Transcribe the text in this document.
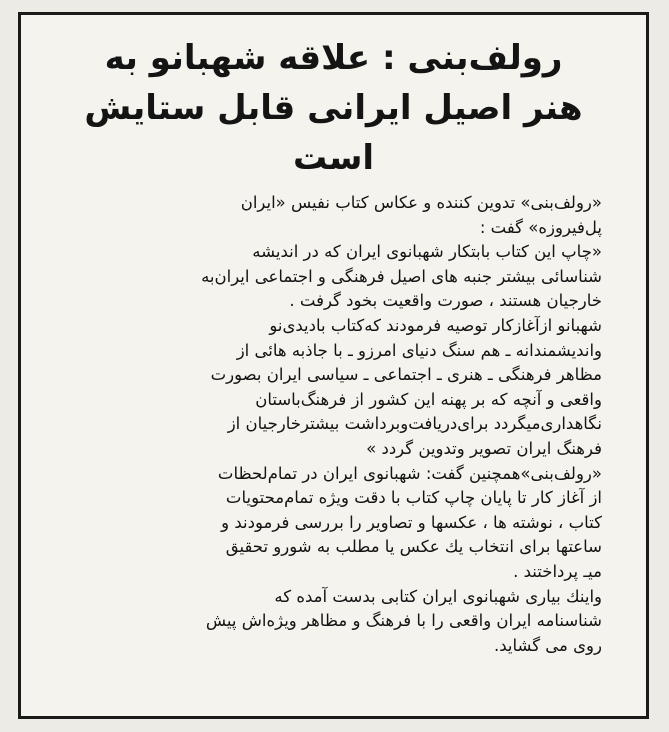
رولف‌بنی : علاقه شهبانو به
هنر اصیل ایرانی قابل ستایش است

«رولف‌بنی» تدوین کننده و عکاس کتاب نفیس «ایران
پل‌فیروزه» گفت :

«چاپ این کتاب بابتکار شهبانوی ایران که در اندیشه
شناسائی بیشتر جنبه های اصیل فرهنگی و اجتماعی ایران‌به
خارجیان هستند ، صورت واقعیت بخود گرفت .

شهبانو ازآغازکار توصیه فرمودند که‌کتاب بادیدی‌نو
واندیشمندانه ـ هم سنگ دنیای امرزو ـ با جاذبه هائی از
مظاهر فرهنگی ـ هنری ـ اجتماعی ـ سیاسی ایران بصورت
واقعی و آنچه که بر پهنه این کشور از فرهنگ‌باستان
نگاهداری‌میگردد برای‌دریافت‌وبرداشت بیشترخارجیان از
فرهنگ ایران تصویر وتدوین گردد »

«رولف‌بنی»همچنین گفت: شهبانوی ایران در تمام‌لحظات
از آغاز کار تا پایان چاپ کتاب با دقت ویژه تمام‌محتویات
کتاب ، نوشته ها ، عکسها و تصاویر را بررسی فرمودند و
ساعتها برای انتخاب یك عکس یا مطلب به شورو تحقیق
میـ پرداختند .

واینك بیاری شهبانوی ایران کتابی بدست آمده که
شناسنامه ایران واقعی را با فرهنگ و مظاهر ویژه‌اش پیش
روی می گشاید.
